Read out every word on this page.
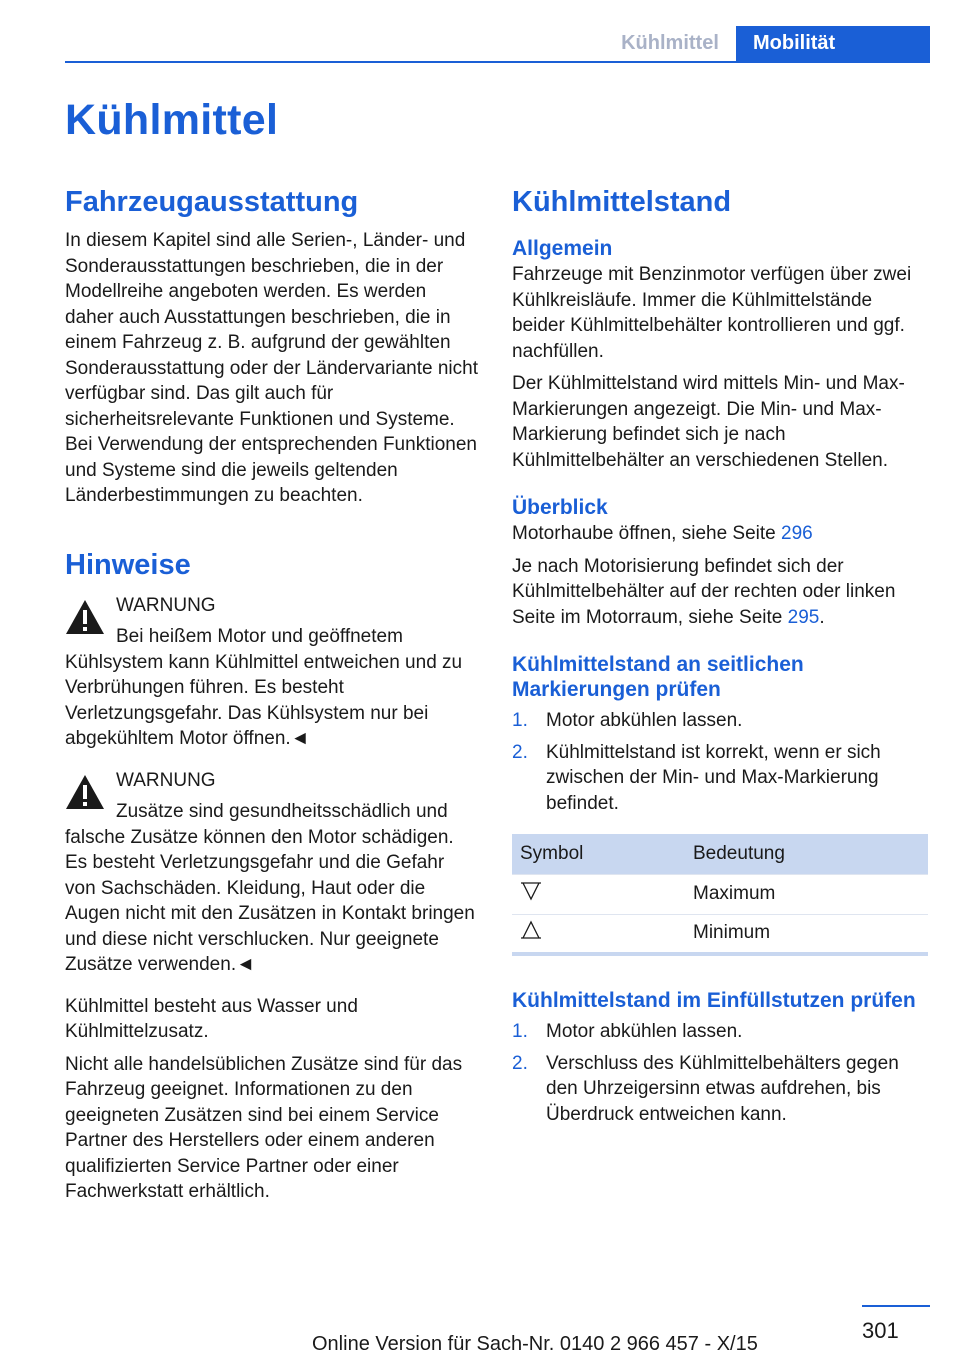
Kühlmittel	Mobilität
Kühlmittel
Fahrzeugausstattung

In diesem Kapitel sind alle Serien-, Länder- und Sonderausstattungen beschrieben, die in der Modellreihe angeboten werden. Es werden daher auch Ausstattungen beschrieben, die in einem Fahrzeug z. B. aufgrund der gewählten Sonderausstattung oder der Ländervariante nicht verfügbar sind. Das gilt auch für sicherheitsrelevante Funktionen und Systeme. Bei Verwendung der entsprechenden Funktionen und Systeme sind die jeweils geltenden Länderbestimmungen zu beachten.

Hinweise
WARNUNG
Bei heißem Motor und geöffnetem Kühlsystem kann Kühlmittel entweichen und zu Verbrühungen führen. Es besteht Verletzungsgefahr. Das Kühlsystem nur bei abgekühltem Motor öffnen.◄
WARNUNG
Zusätze sind gesundheitsschädlich und falsche Zusätze können den Motor schädigen. Es besteht Verletzungsgefahr und die Gefahr von Sachschäden. Kleidung, Haut oder die Augen nicht mit den Zusätzen in Kontakt bringen und diese nicht verschlucken. Nur geeignete Zusätze verwenden.◄

Kühlmittel besteht aus Wasser und Kühlmittelzusatz.

Nicht alle handelsüblichen Zusätze sind für das Fahrzeug geeignet. Informationen zu den geeigneten Zusätzen sind bei einem Service Partner des Herstellers oder einem anderen qualifizierten Service Partner oder einer Fachwerkstatt erhältlich.

Kühlmittelstand
Allgemein

Fahrzeuge mit Benzinmotor verfügen über zwei Kühlkreisläufe. Immer die Kühlmittelstände beider Kühlmittelbehälter kontrollieren und ggf. nachfüllen.

Der Kühlmittelstand wird mittels Min- und Max-Markierungen angezeigt. Die Min- und Max-Markierung befindet sich je nach Kühlmittelbehälter an verschiedenen Stellen.

Überblick

Motorhaube öffnen, siehe Seite 296

Je nach Motorisierung befindet sich der Kühlmittelbehälter auf der rechten oder linken Seite im Motorraum, siehe Seite 295.

Kühlmittelstand an seitlichen Markierungen prüfen
1. Motor abkühlen lassen.
2. Kühlmittelstand ist korrekt, wenn er sich zwischen der Min- und Max-Markierung befindet.
Symbol	Bedeutung
	Maximum
	Minimum
Kühlmittelstand im Einfüllstutzen prüfen
1. Motor abkühlen lassen.
2. Verschluss des Kühlmittelbehälters gegen den Uhrzeigersinn etwas aufdrehen, bis Überdruck entweichen kann.
301
Online Version für Sach-Nr. 0140 2 966 457 - X/15
